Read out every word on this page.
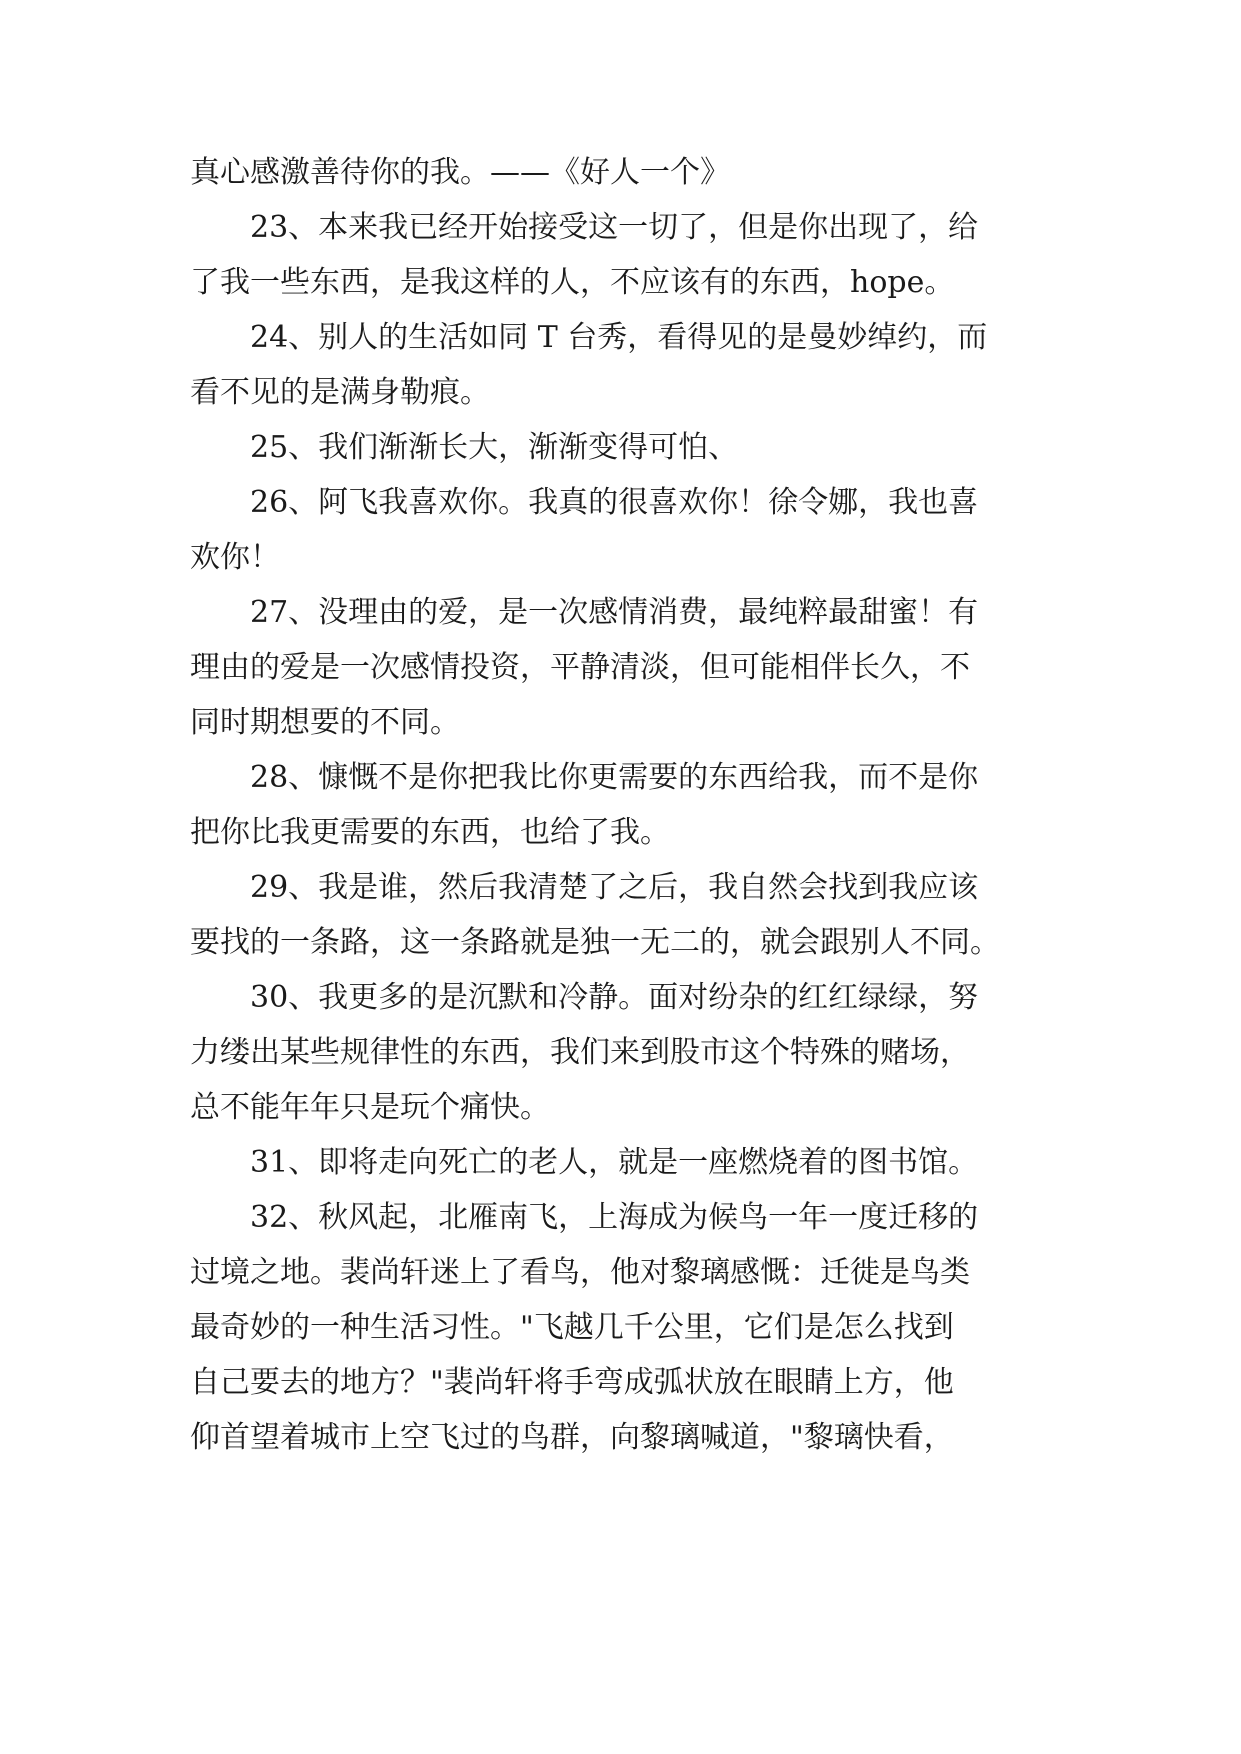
真心感激善待你的我。——《好人一个》
23、本来我已经开始接受这一切了，但是你出现了，给
了我一些东西，是我这样的人，不应该有的东西，hope。
24、别人的生活如同 T 台秀，看得见的是曼妙绰约，而
看不见的是满身勒痕。
25、我们渐渐长大，渐渐变得可怕、
26、阿飞我喜欢你。我真的很喜欢你！徐令娜，我也喜
欢你！
27、没理由的爱，是一次感情消费，最纯粹最甜蜜！有
理由的爱是一次感情投资，平静清淡，但可能相伴长久，不
同时期想要的不同。
28、慷慨不是你把我比你更需要的东西给我，而不是你
把你比我更需要的东西，也给了我。
29、我是谁，然后我清楚了之后，我自然会找到我应该
要找的一条路，这一条路就是独一无二的，就会跟别人不同。
30、我更多的是沉默和冷静。面对纷杂的红红绿绿，努
力缕出某些规律性的东西，我们来到股市这个特殊的赌场，
总不能年年只是玩个痛快。
31、即将走向死亡的老人，就是一座燃烧着的图书馆。
32、秋风起，北雁南飞，上海成为候鸟一年一度迁移的
过境之地。裴尚轩迷上了看鸟，他对黎璃感慨：迁徙是鸟类
最奇妙的一种生活习性。"飞越几千公里，它们是怎么找到
自己要去的地方？"裴尚轩将手弯成弧状放在眼睛上方，他
仰首望着城市上空飞过的鸟群，向黎璃喊道，"黎璃快看，
